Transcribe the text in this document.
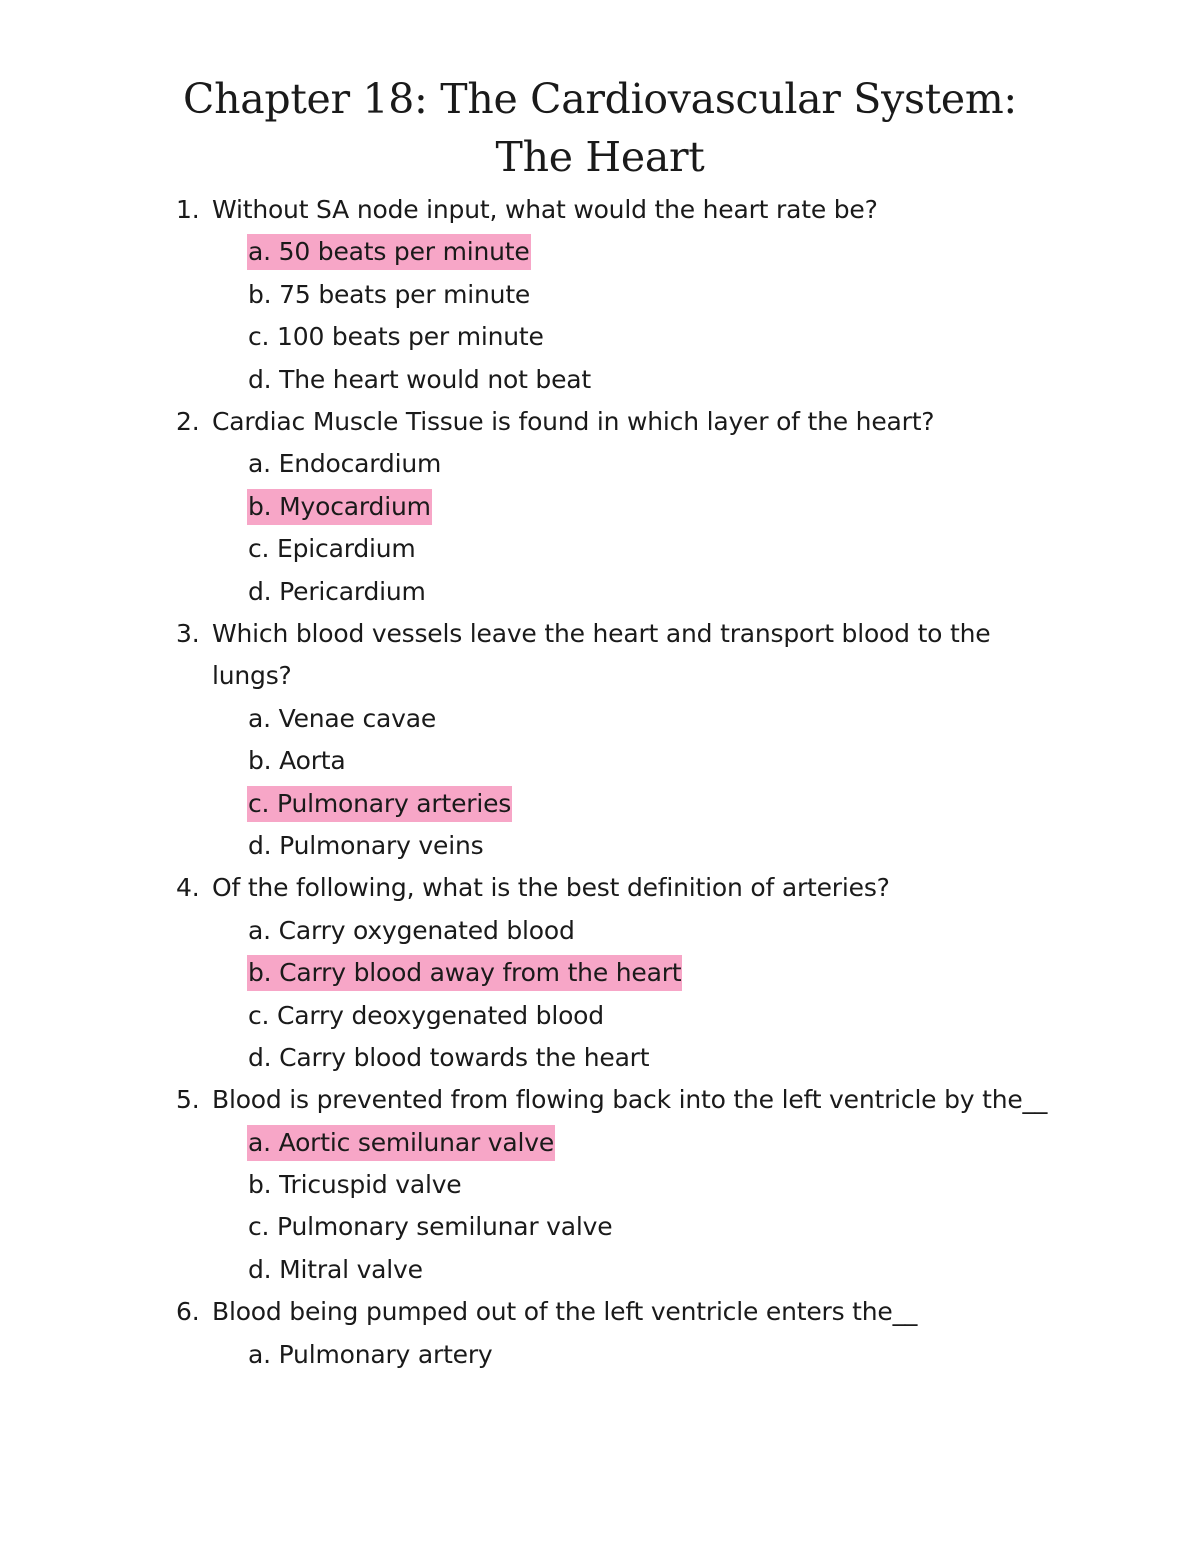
Chapter 18: The Cardiovascular System: The Heart
1. Without SA node input, what would the heart rate be?
a. 50 beats per minute
b. 75 beats per minute
c. 100 beats per minute
d. The heart would not beat
2. Cardiac Muscle Tissue is found in which layer of the heart?
a. Endocardium
b. Myocardium
c. Epicardium
d. Pericardium
3. Which blood vessels leave the heart and transport blood to the lungs?
a. Venae cavae
b. Aorta
c. Pulmonary arteries
d. Pulmonary veins
4. Of the following, what is the best definition of arteries?
a. Carry oxygenated blood
b. Carry blood away from the heart
c. Carry deoxygenated blood
d. Carry blood towards the heart
5. Blood is prevented from flowing back into the left ventricle by the__
a. Aortic semilunar valve
b. Tricuspid valve
c. Pulmonary semilunar valve
d. Mitral valve
6. Blood being pumped out of the left ventricle enters the__
a. Pulmonary artery
